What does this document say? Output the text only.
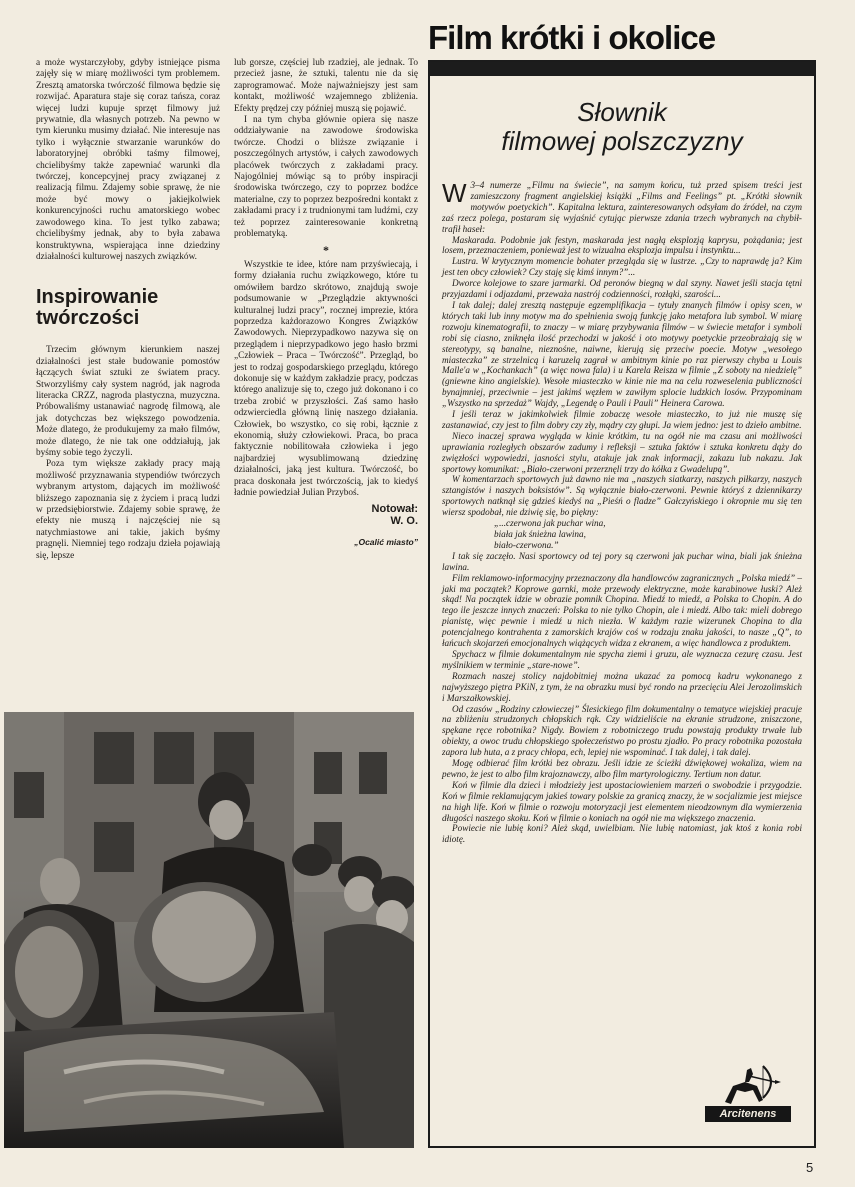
a może wystarczyłoby, gdyby istniejące pisma zajęły się w miarę możliwości tym problemem. Zresztą amatorska twórczość filmowa będzie się rozwijać. Aparatura staje się coraz tańsza, coraz więcej ludzi kupuje sprzęt filmowy już prywatnie, dla własnych potrzeb. Na pewno w tym kierunku musimy działać. Nie interesuje nas tylko i wyłącznie stwarzanie warunków do laboratoryjnej obróbki taśmy filmowej, chcielibyśmy także zapewniać warunki dla twórczej, koncepcyjnej pracy związanej z realizacją filmu. Zdajemy sobie sprawę, że nie może być mowy o jakiejkolwiek konkurencyjności ruchu amatorskiego wobec zawodowego kina. To jest tylko zabawa; chcielibyśmy jednak, aby to była zabawa konstruktywna, wspierająca inne dziedziny działalności kulturowej naszych związków.

Inspirowanie twórczości

Trzecim głównym kierunkiem naszej działalności jest stałe budowanie pomostów łączących świat sztuki ze światem pracy. Stworzyliśmy cały system nagród, jak nagroda literacka CRZZ, nagroda plastyczna, muzyczna. Próbowaliśmy ustanawiać nagrodę filmową, ale jak dotychczas bez większego powodzenia. Może dlatego, że produkujemy za mało filmów, może dlatego, że nie tak one oddziałują, jak byśmy sobie tego życzyli.

Poza tym większe zakłady pracy mają możliwość przyznawania stypendiów twórczych wybranym artystom, dających im możliwość bliższego zapoznania się z życiem i pracą ludzi w przedsiębiorstwie. Zdajemy sobie sprawę, że efekty nie muszą i najczęściej nie są natychmiastowe ani takie, jakich byśmy pragnęli. Niemniej tego rodzaju dzieła pojawiają się, lepsze

lub gorsze, częściej lub rzadziej, ale jednak. To przecież jasne, że sztuki, talentu nie da się zaprogramować. Może najważniejszy jest sam kontakt, możliwość wzajemnego zbliżenia. Efekty prędzej czy później muszą się pojawić.

I na tym chyba głównie opiera się nasze oddziaływanie na zawodowe środowiska twórcze. Chodzi o bliższe związanie i poszczególnych artystów, i całych zawodowych placówek twórczych z zakładami pracy. Najogólniej mówiąc są to próby inspiracji środowiska twórczego, czy to poprzez bodźce materialne, czy to poprzez bezpośredni kontakt z zakładami pracy i z trudnionymi tam ludźmi, czy też poprzez zainteresowanie konkretną problematyką.

*

Wszystkie te idee, które nam przyświecają, i formy działania ruchu związkowego, które tu omówiłem bardzo skrótowo, znajdują swoje podsumowanie w „Przeglądzie aktywności kulturalnej ludzi pracy”, rocznej imprezie, która poprzedza każdorazowo Kongres Związków Zawodowych. Nieprzypadkowo nazywa się on przeglądem i nieprzypadkowo jego hasło brzmi „Człowiek – Praca – Twórczość”. Przegląd, bo jest to rodzaj gospodarskiego przeglądu, którego dokonuje się w każdym zakładzie pracy, podczas którego analizuje się to, czego już dokonano i co trzeba zrobić w przyszłości. Zaś samo hasło odzwierciedla główną linię naszego działania. Człowiek, bo wszystko, co się robi, łącznie z ekonomią, służy człowiekowi. Praca, bo praca faktycznie nobilitowała człowieka i jego najbardziej wysublimowaną dziedzinę działalności, jaką jest kultura. Twórczość, bo praca doskonała jest twórczością, jak to kiedyś ładnie powiedział Julian Przyboś.

Notował:
W. O.
„Ocalić miasto”
Film krótki i okolice
Słownik
filmowej polszczyzny

W 3–4 numerze „Filmu na świecie”, na samym końcu, tuż przed spisem treści jest zamieszczony fragment angielskiej książki „Films and Feelings” pt. „Krótki słownik motywów poetyckich”. Kapitalna lektura, zainteresowanych odsyłam do źródeł, na czym zaś rzecz polega, postaram się wyjaśnić cytując pierwsze zdania trzech wybranych na chybił-trafił haseł:

Maskarada. Podobnie jak festyn, maskarada jest nagłą eksplozją kaprysu, pożądania; jest losem, przeznaczeniem, ponieważ jest to wizualna eksplozja impulsu i instynktu...

Lustra. W krytycznym momencie bohater przegląda się w lustrze. „Czy to naprawdę ja? Kim jest ten obcy człowiek? Czy staję się kimś innym?”...

Dworce kolejowe to szare jarmarki. Od peronów biegną w dal szyny. Nawet jeśli stacja tętni przyjazdami i odjazdami, przeważa nastrój codzienności, rozłąki, szarości...

I tak dalej; dalej zresztą następuje egzemplifikacja – tytuły znanych filmów i opisy scen, w których taki lub inny motyw ma do spełnienia swoją funkcję jako metafora lub symbol. W miarę rozwoju kinematografii, to znaczy – w miarę przybywania filmów – w świecie metafor i symboli robi się ciasno, zniknęła ilość przechodzi w jakość i oto motywy poetyckie przeobrażają się w stereotypy, są banalne, nieznośne, naiwne, kierują się przeciw poecie. Motyw „wesołego miasteczka” ze strzelnicą i karuzelą zagrał w ambitnym kinie po raz pierwszy chyba u Louis Malle'a w „Kochankach” (a więc nowa fala) i u Karela Reisza w filmie „Z soboty na niedzielę” (gniewne kino angielskie). Wesołe miasteczko w kinie nie ma na celu rozweselenia publiczności bynajmniej, przeciwnie – jest jakimś węzłem w zawiłym splocie ludzkich losów. Przypominam „Wszystko na sprzedaż” Wajdy, „Legendę o Pauli i Pauli” Heinera Carowa.

I jeśli teraz w jakimkolwiek filmie zobaczę wesołe miasteczko, to już nie muszę się zastanawiać, czy jest to film dobry czy zły, mądry czy głupi. Ja wiem jedno: jest to dzieło ambitne.

Nieco inaczej sprawa wygląda w kinie krótkim, tu na ogół nie ma czasu ani możliwości uprawiania rozległych obszarów zadumy i refleksji – sztuka faktów i sztuka konkretu dąży do zwięzłości wypowiedzi, jasności stylu, atakuje jak znak informacji, zakazu lub nakazu. Jak sportowy komunikat: „Biało-czerwoni przerznęli trzy do kółka z Gwadelupą”.

W komentarzach sportowych już dawno nie ma „naszych siatkarzy, naszych piłkarzy, naszych sztangistów i naszych boksistów”. Są wyłącznie biało-czerwoni. Pewnie któryś z dziennikarzy sportowych natknął się gdzieś kiedyś na „Pieśń o fladze” Gałczyńskiego i okropnie mu się ten wiersz spodobał, nie dziwię się, bo piękny:

„...czerwona jak puchar wina,

biała jak śnieżna lawina,

biało-czerwona.”

I tak się zaczęło. Nasi sportowcy od tej pory są czerwoni jak puchar wina, biali jak śnieżna lawina.

Film reklamowo-informacyjny przeznaczony dla handlowców zagranicznych „Polska miedź” – jaki ma początek? Koprowe garnki, może przewody elektryczne, może karabinowe łuski? Ależ skąd! Na początek idzie w obrazie pomnik Chopina. Miedź to miedź, a Polska to Chopin. A do tego ile jeszcze innych znaczeń: Polska to nie tylko Chopin, ale i miedź. Albo tak: mieli dobrego pianistę, więc pewnie i miedź u nich niezła. W każdym razie wizerunek Chopina to dla potencjalnego kontrahenta z zamorskich krajów coś w rodzaju znaku jakości, to nasze „Q”, to łańcuch skojarzeń emocjonalnych wiążących widza z ekranem, a więc handlowca z produktem.

Spychacz w filmie dokumentalnym nie spycha ziemi i gruzu, ale wyznacza cezurę czasu. Jest myślnikiem w terminie „stare-nowe”.

Rozmach naszej stolicy najdobitniej można ukazać za pomocą kadru wykonanego z najwyższego piętra PKiN, z tym, że na obrazku musi być rondo na przecięciu Alei Jerozolimskich i Marszałkowskiej.

Od czasów „Rodziny człowieczej” Ślesickiego film dokumentalny o tematyce wiejskiej pracuje na zbliżeniu strudzonych chłopskich rąk. Czy widzieliście na ekranie strudzone, zniszczone, spękane ręce robotnika? Nigdy. Bowiem z robotniczego trudu powstają produkty trwałe lub obiekty, a owoc trudu chłopskiego społeczeństwo po prostu zjadło. Po pracy robotnika pozostała zapora lub huta, a z pracy chłopa, ech, lepiej nie wspominać. I tak dalej, i tak dalej.

Mogę odbierać film krótki bez obrazu. Jeśli idzie ze ścieżki dźwiękowej wokaliza, wiem na pewno, że jest to albo film krajoznawczy, albo film martyrologiczny. Tertium non datur.

Koń w filmie dla dzieci i młodzieży jest upostaciowieniem marzeń o swobodzie i przygodzie. Koń w filmie reklamującym jakieś towary polskie za granicą znaczy, że w socjalizmie jest miejsce na high life. Koń w filmie o rozwoju motoryzacji jest elementem nieodzownym dla wymierzenia długości naszego skoku. Koń w filmie o koniach na ogół nie ma większego znaczenia.

Powiecie nie lubię koni? Ależ skąd, uwielbiam. Nie lubię natomiast, jak ktoś z konia robi idiotę.

Arcitenens
5
